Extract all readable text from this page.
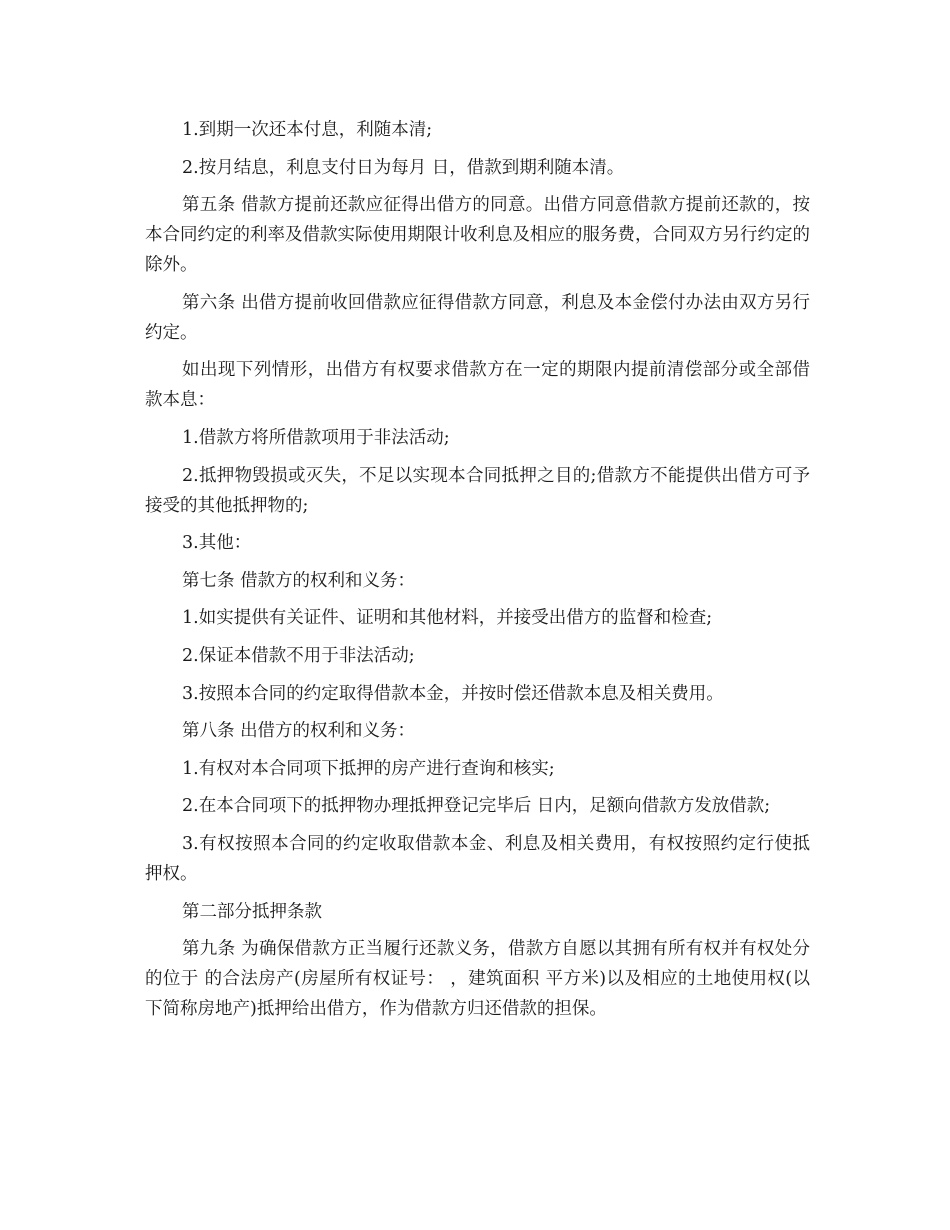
1.到期一次还本付息，利随本清;

2.按月结息，利息支付日为每月 日，借款到期利随本清。

第五条 借款方提前还款应征得出借方的同意。出借方同意借款方提前还款的，按本合同约定的利率及借款实际使用期限计收利息及相应的服务费，合同双方另行约定的除外。

第六条 出借方提前收回借款应征得借款方同意，利息及本金偿付办法由双方另行约定。

如出现下列情形，出借方有权要求借款方在一定的期限内提前清偿部分或全部借款本息：

1.借款方将所借款项用于非法活动;

2.抵押物毁损或灭失，不足以实现本合同抵押之目的;借款方不能提供出借方可予接受的其他抵押物的;

3.其他：

第七条 借款方的权利和义务：

1.如实提供有关证件、证明和其他材料，并接受出借方的监督和检查;

2.保证本借款不用于非法活动;

3.按照本合同的约定取得借款本金，并按时偿还借款本息及相关费用。

第八条 出借方的权利和义务：

1.有权对本合同项下抵押的房产进行查询和核实;

2.在本合同项下的抵押物办理抵押登记完毕后 日内，足额向借款方发放借款;

3.有权按照本合同的约定收取借款本金、利息及相关费用，有权按照约定行使抵押权。

第二部分抵押条款

第九条 为确保借款方正当履行还款义务，借款方自愿以其拥有所有权并有权处分的位于 的合法房产(房屋所有权证号： ，建筑面积 平方米)以及相应的土地使用权(以下简称房地产)抵押给出借方，作为借款方归还借款的担保。
